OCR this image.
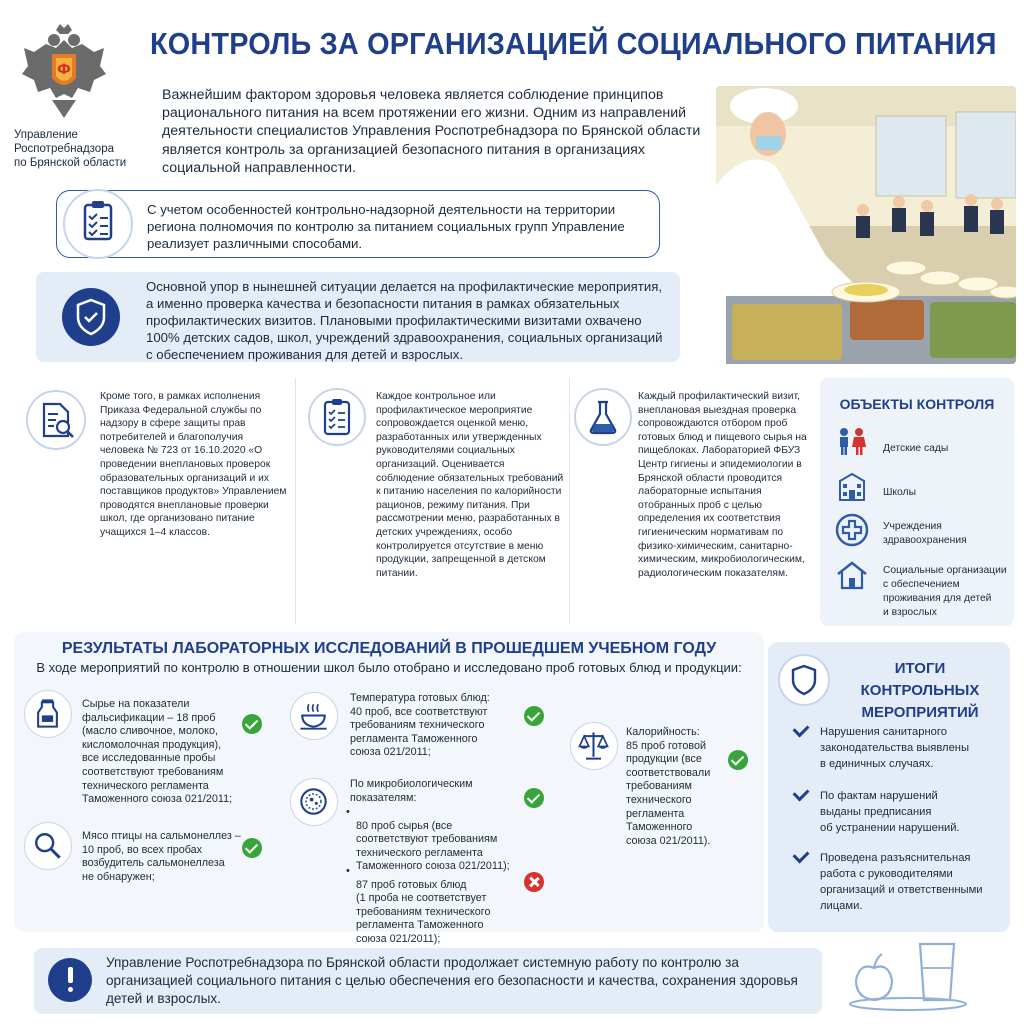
Ф
Управление
Роспотребнадзора
по Брянской области
КОНТРОЛЬ ЗА ОРГАНИЗАЦИЕЙ СОЦИАЛЬНОГО ПИТАНИЯ
Важнейшим фактором здоровья человека является соблюдение принципов рационального питания на всем протяжении его жизни. Одним из направлений деятельности специалистов Управления Роспотребнадзора по Брянской области является контроль за организацией безопасного питания в организациях социальной направленности.
С учетом особенностей контрольно-надзорной деятельности на территории региона полномочия по контролю за питанием социальных групп Управление реализует различными способами.
Основной упор в нынешней ситуации делается на профилактические мероприятия, а именно проверка качества и безопасности питания в рамках обязательных профилактических визитов. Плановыми профилактическими визитами охвачено 100% детских садов, школ, учреждений здравоохранения, социальных организаций с обеспечением проживания для детей и взрослых.
Кроме того, в рамках исполнения Приказа Федеральной службы по надзору в сфере защиты прав потребителей и благополучия человека № 723 от 16.10.2020 «О проведении внеплановых проверок образовательных организаций и их поставщиков продуктов» Управлением проводятся внеплановые проверки школ, где организовано питание учащихся 1–4 классов.
Каждое контрольное или профилактическое мероприятие сопровождается оценкой меню, разработанных или утвержденных руководителями социальных организаций. Оценивается соблюдение обязательных требований к питанию населения по калорийности рационов, режиму питания. При рассмотрении меню, разработанных в детских учреждениях, особо контролируется отсутствие в меню продукции, запрещенной в детском питании.
Каждый профилактический визит, внеплановая выездная проверка сопровождаются отбором проб готовых блюд и пищевого сырья на пищеблоках. Лабораторией ФБУЗ Центр гигиены и эпидемиологии в Брянской области проводится лабораторные испытания отобранных проб с целью определения их соответствия гигиеническим нормативам по физико-химическим, санитарно-химическим, микробиологическим, радиологическим показателям.
ОБЪЕКТЫ КОНТРОЛЯ
Детские сады
Школы
Учреждения
здравоохранения
Социальные организации
с обеспечением
проживания для детей
и взрослых
РЕЗУЛЬТАТЫ ЛАБОРАТОРНЫХ ИССЛЕДОВАНИЙ В ПРОШЕДШЕМ УЧЕБНОМ ГОДУ
В ходе мероприятий по контролю в отношении школ было отобрано и исследовано проб готовых блюд и продукции:
Сырье на показатели
фальсификации – 18 проб
(масло сливочное, молоко,
кисломолочная продукция),
все исследованные пробы
соответствуют требованиям
технического регламента
Таможенного союза 021/2011;
Мясо птицы на сальмонеллез –
10 проб, во всех пробах
возбудитель сальмонеллеза
не обнаружен;
Температура готовых блюд:
40 проб, все соответствуют
требованиям технического
регламента Таможенного
союза 021/2011;
По микробиологическим
показателям:

•
80 проб сырья (все
соответствуют требованиям
технического регламента
Таможенного союза 021/2011);

•
87 проб готовых блюд
(1 проба не соответствует
требованиям технического
регламента Таможенного
союза 021/2011);

Калорийность:
85 проб готовой
продукции (все
соответствовали
требованиям
технического
регламента
Таможенного
союза 021/2011).
ИТОГИ КОНТРОЛЬНЫХ
МЕРОПРИЯТИЙ
Нарушения санитарного
законодательства выявлены
в единичных случаях.
По фактам нарушений
выданы предписания
об устранении нарушений.
Проведена разъяснительная
работа с руководителями
организаций и ответственными
лицами.
Управление Роспотребнадзора по Брянской области продолжает системную работу по контролю за организацией социального питания с целью обеспечения его безопасности и качества, сохранения здоровья детей и взрослых.
